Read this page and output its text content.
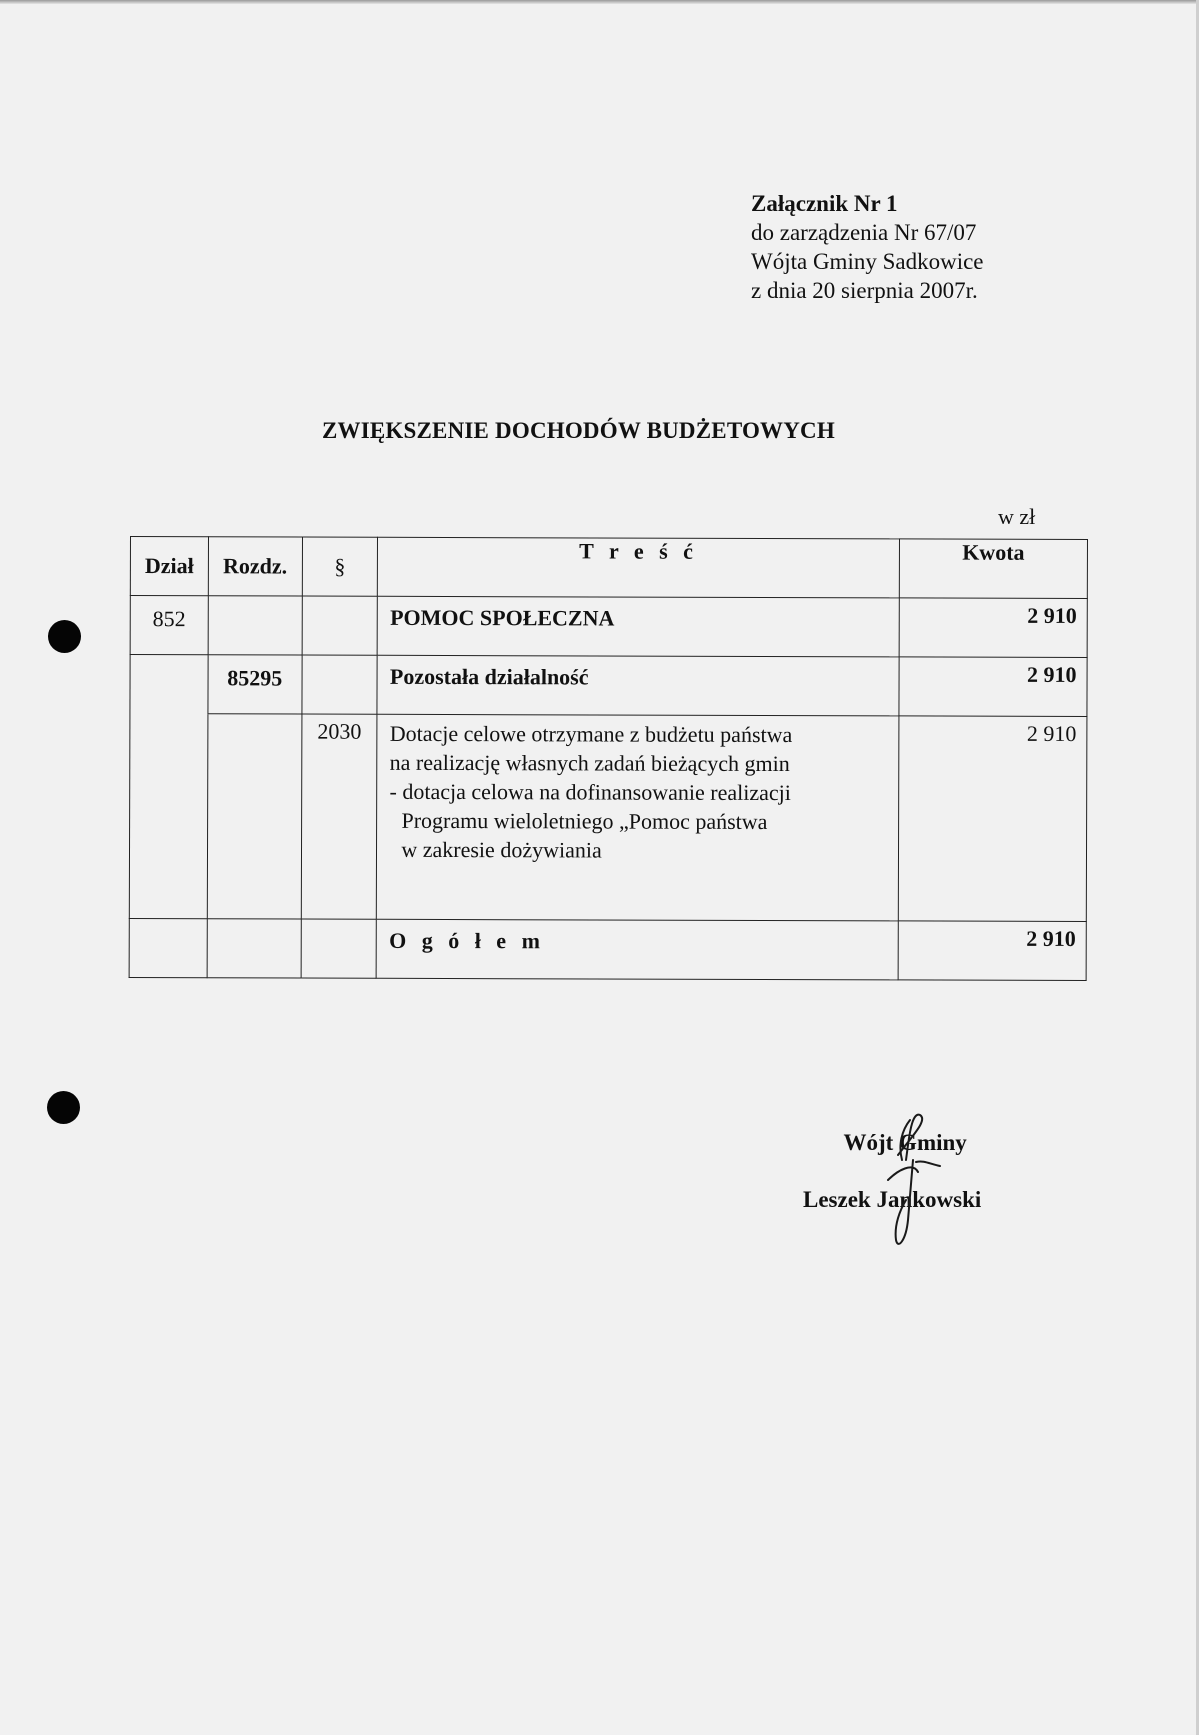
Załącznik Nr 1
do zarządzenia Nr 67/07
Wójta Gminy Sadkowice
z dnia 20 sierpnia 2007r.
ZWIĘKSZENIE DOCHODÓW BUDŻETOWYCH
w zł
Dział	Rozdz.	§	T r e ś ć	Kwota

852			POMOC SPOŁECZNA	2 910

	85295		Pozostała działalność	2 910

		2030	Dotacje celowe otrzymane z budżetu państwa
na realizację własnych zadań bieżących gmin
- dotacja celowa na dofinansowanie realizacji
Programu wieloletniego „Pomoc państwa
w zakresie dożywiania	2 910

			O g ó ł e m	2 910
Wójt Gminy
Leszek Jankowski
